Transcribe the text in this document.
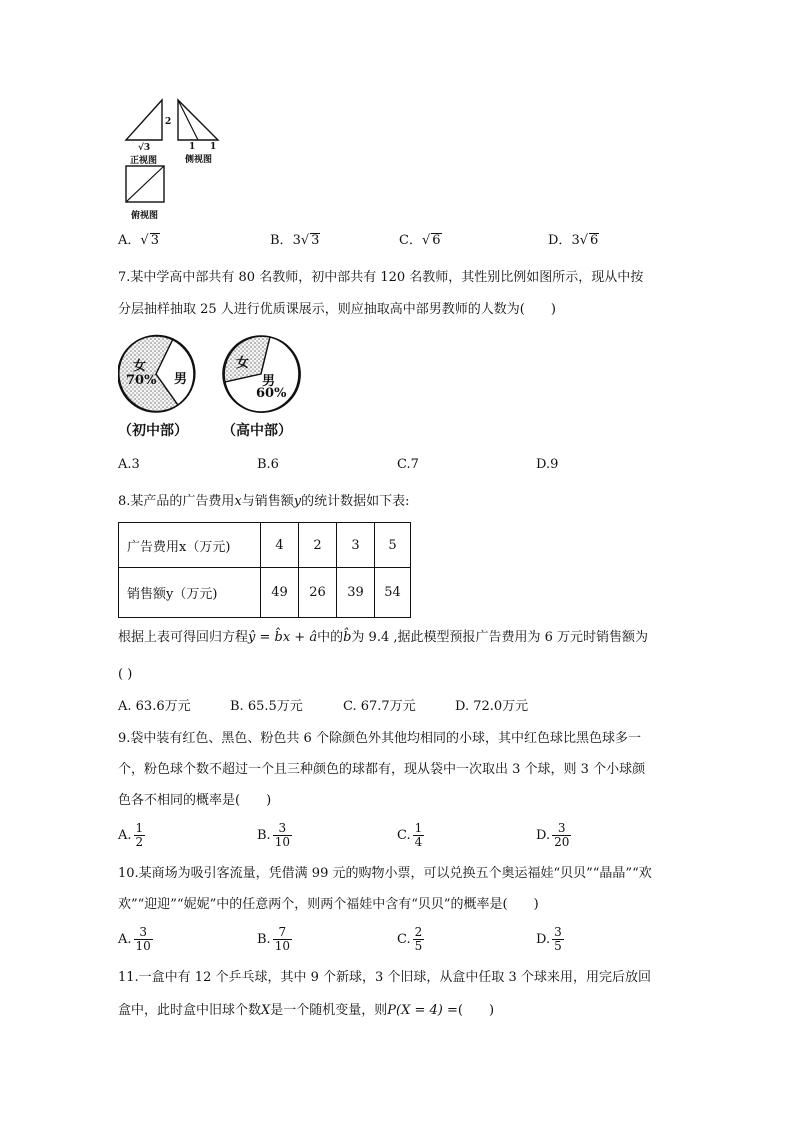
2
√3
正视图
1 1
侧视图
俯视图
A．√ 3	B．3√ 3	C．√ 6	D．3√ 6
7.某中学高中部共有 80 名教师，初中部共有 120 名教师，其性别比例如图所示，现从中按
分层抽样抽取 25 人进行优质课展示，则应抽取高中部男教师的人数为(　　)
女
70% 男
女
男
60%
（初中部） （高中部）
A.3	B.6	C.7	D.9
8.某产品的广告费用x与销售额y的统计数据如下表:
广告费用x（万元)	4	2	3	5
销售额y（万元)	49	26	39	54
根据上表可得回归方程ŷ = b̂x + â中的b̂为 9.4 ,据此模型预报广告费用为 6 万元时销售额为
( )
A. 63.6万元	B. 65.5万元	C. 67.7万元	D. 72.0万元
9.袋中装有红色、黑色、粉色共 6 个除颜色外其他均相同的小球，其中红色球比黑色球多一
个，粉色球个数不超过一个且三种颜色的球都有，现从袋中一次取出 3 个球，则 3 个小球颜
色各不相同的概率是(　　)
A. $\frac{1}{2}$	B. $\frac{3}{10}$	C. $\frac{1}{4}$	D. $\frac{3}{20}$
10.某商场为吸引客流量，凭借满 99 元的购物小票，可以兑换五个奥运福娃“贝贝”“晶晶”“欢
欢”“迎迎”“妮妮”中的任意两个，则两个福娃中含有“贝贝”的概率是(　　)
A. $\frac{3}{10}$	B. $\frac{7}{10}$	C. $\frac{2}{5}$	D. $\frac{3}{5}$
11.一盒中有 12 个乒乓球，其中 9 个新球，3 个旧球，从盒中任取 3 个球来用，用完后放回
盒中，此时盒中旧球个数X是一个随机变量，则P(X = 4) =(　　)
